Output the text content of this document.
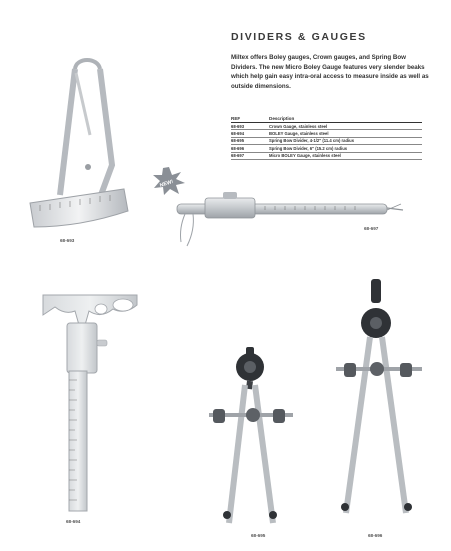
DIVIDERS & GAUGES
Miltex offers Boley gauges, Crown gauges, and Spring Bow Dividers. The new Micro Boley Gauge features very slender beaks which help gain easy intra-oral access to measure inside as well as outside dimensions.
REF	Description
68-693	Crown Gauge, stainless steel
68-694	BOLEY Gauge, stainless steel
68-695	Spring Bow Divider, 4-1/2" (11.4 cm) radius
68-696	Spring Bow Divider, 6" (15.2 cm) radius
68-697	Micro BOLEY Gauge, stainless steel
68-693
NEW!
68-697
68-694
68-695	68-696
